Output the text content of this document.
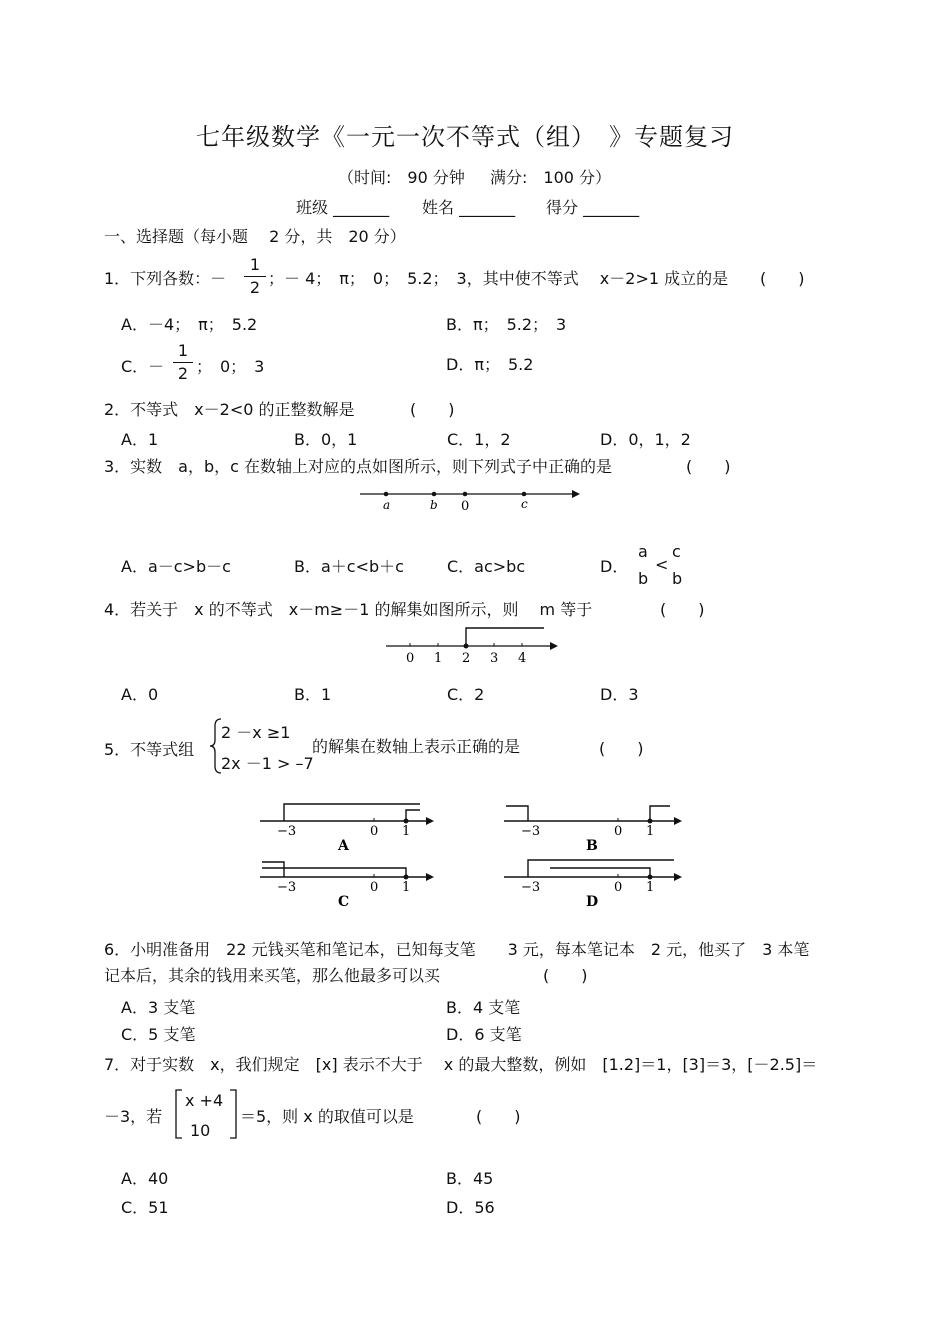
七年级数学《一元一次不等式（组）　》专题复习
（时间:　90 分钟 满分:　100 分）
班级 _______ 姓名 _______ 得分 _______
一、选择题（每小题　 2 分，共　20 分）
1．下列各数：－
1
2 ；－ 4；　π；　0；　5.2；　3，其中使不等式　 x－2>1 成立的是 (　　)
A．－4；　π；　5.2	B．π；　5.2；　3
C．－
1
2 ；　0；　3	D．π；　5.2
2．不等式　x－2<0 的正整数解是	(　　)
A．1	B．0，1	C．1，2	D．0，1，2
3．实数　a，b，c 在数轴上对应的点如图所示，则下列式子中正确的是	(　　)
a	b 0	c
A．a－c>b－c	B．a＋c<b＋c	C．ac>bc	D．
a
b
<
c
b
4．若关于　x 的不等式　x－m≥－1 的解集如图所示，则　 m 等于	(　　)
0 1 2 3 4
A．0	B．1	C．2	D．3
5．不等式组
2 －x ≥1
2x －1 > –7
的解集在数轴上表示正确的是	(　　)
−3	0 1
A
−3	0 1
B
−3	0 1
C
−3	0 1
D
6．小明准备用　22 元钱买笔和笔记本，已知每支笔　　3 元，每本笔记本　2 元，他买了　3 本笔
记本后，其余的钱用来买笔，那么他最多可以买	(　　)
A．3 支笔	B．4 支笔
C．5 支笔	D．6 支笔
7．对于实数　x，我们规定　[x] 表示不大于　 x 的最大整数，例如　[1.2]＝1，[3]＝3，[－2.5]＝
－3，若
x +4
10
＝5，则 x 的取值可以是	(　　)
A．40	B．45
C．51	D．56
